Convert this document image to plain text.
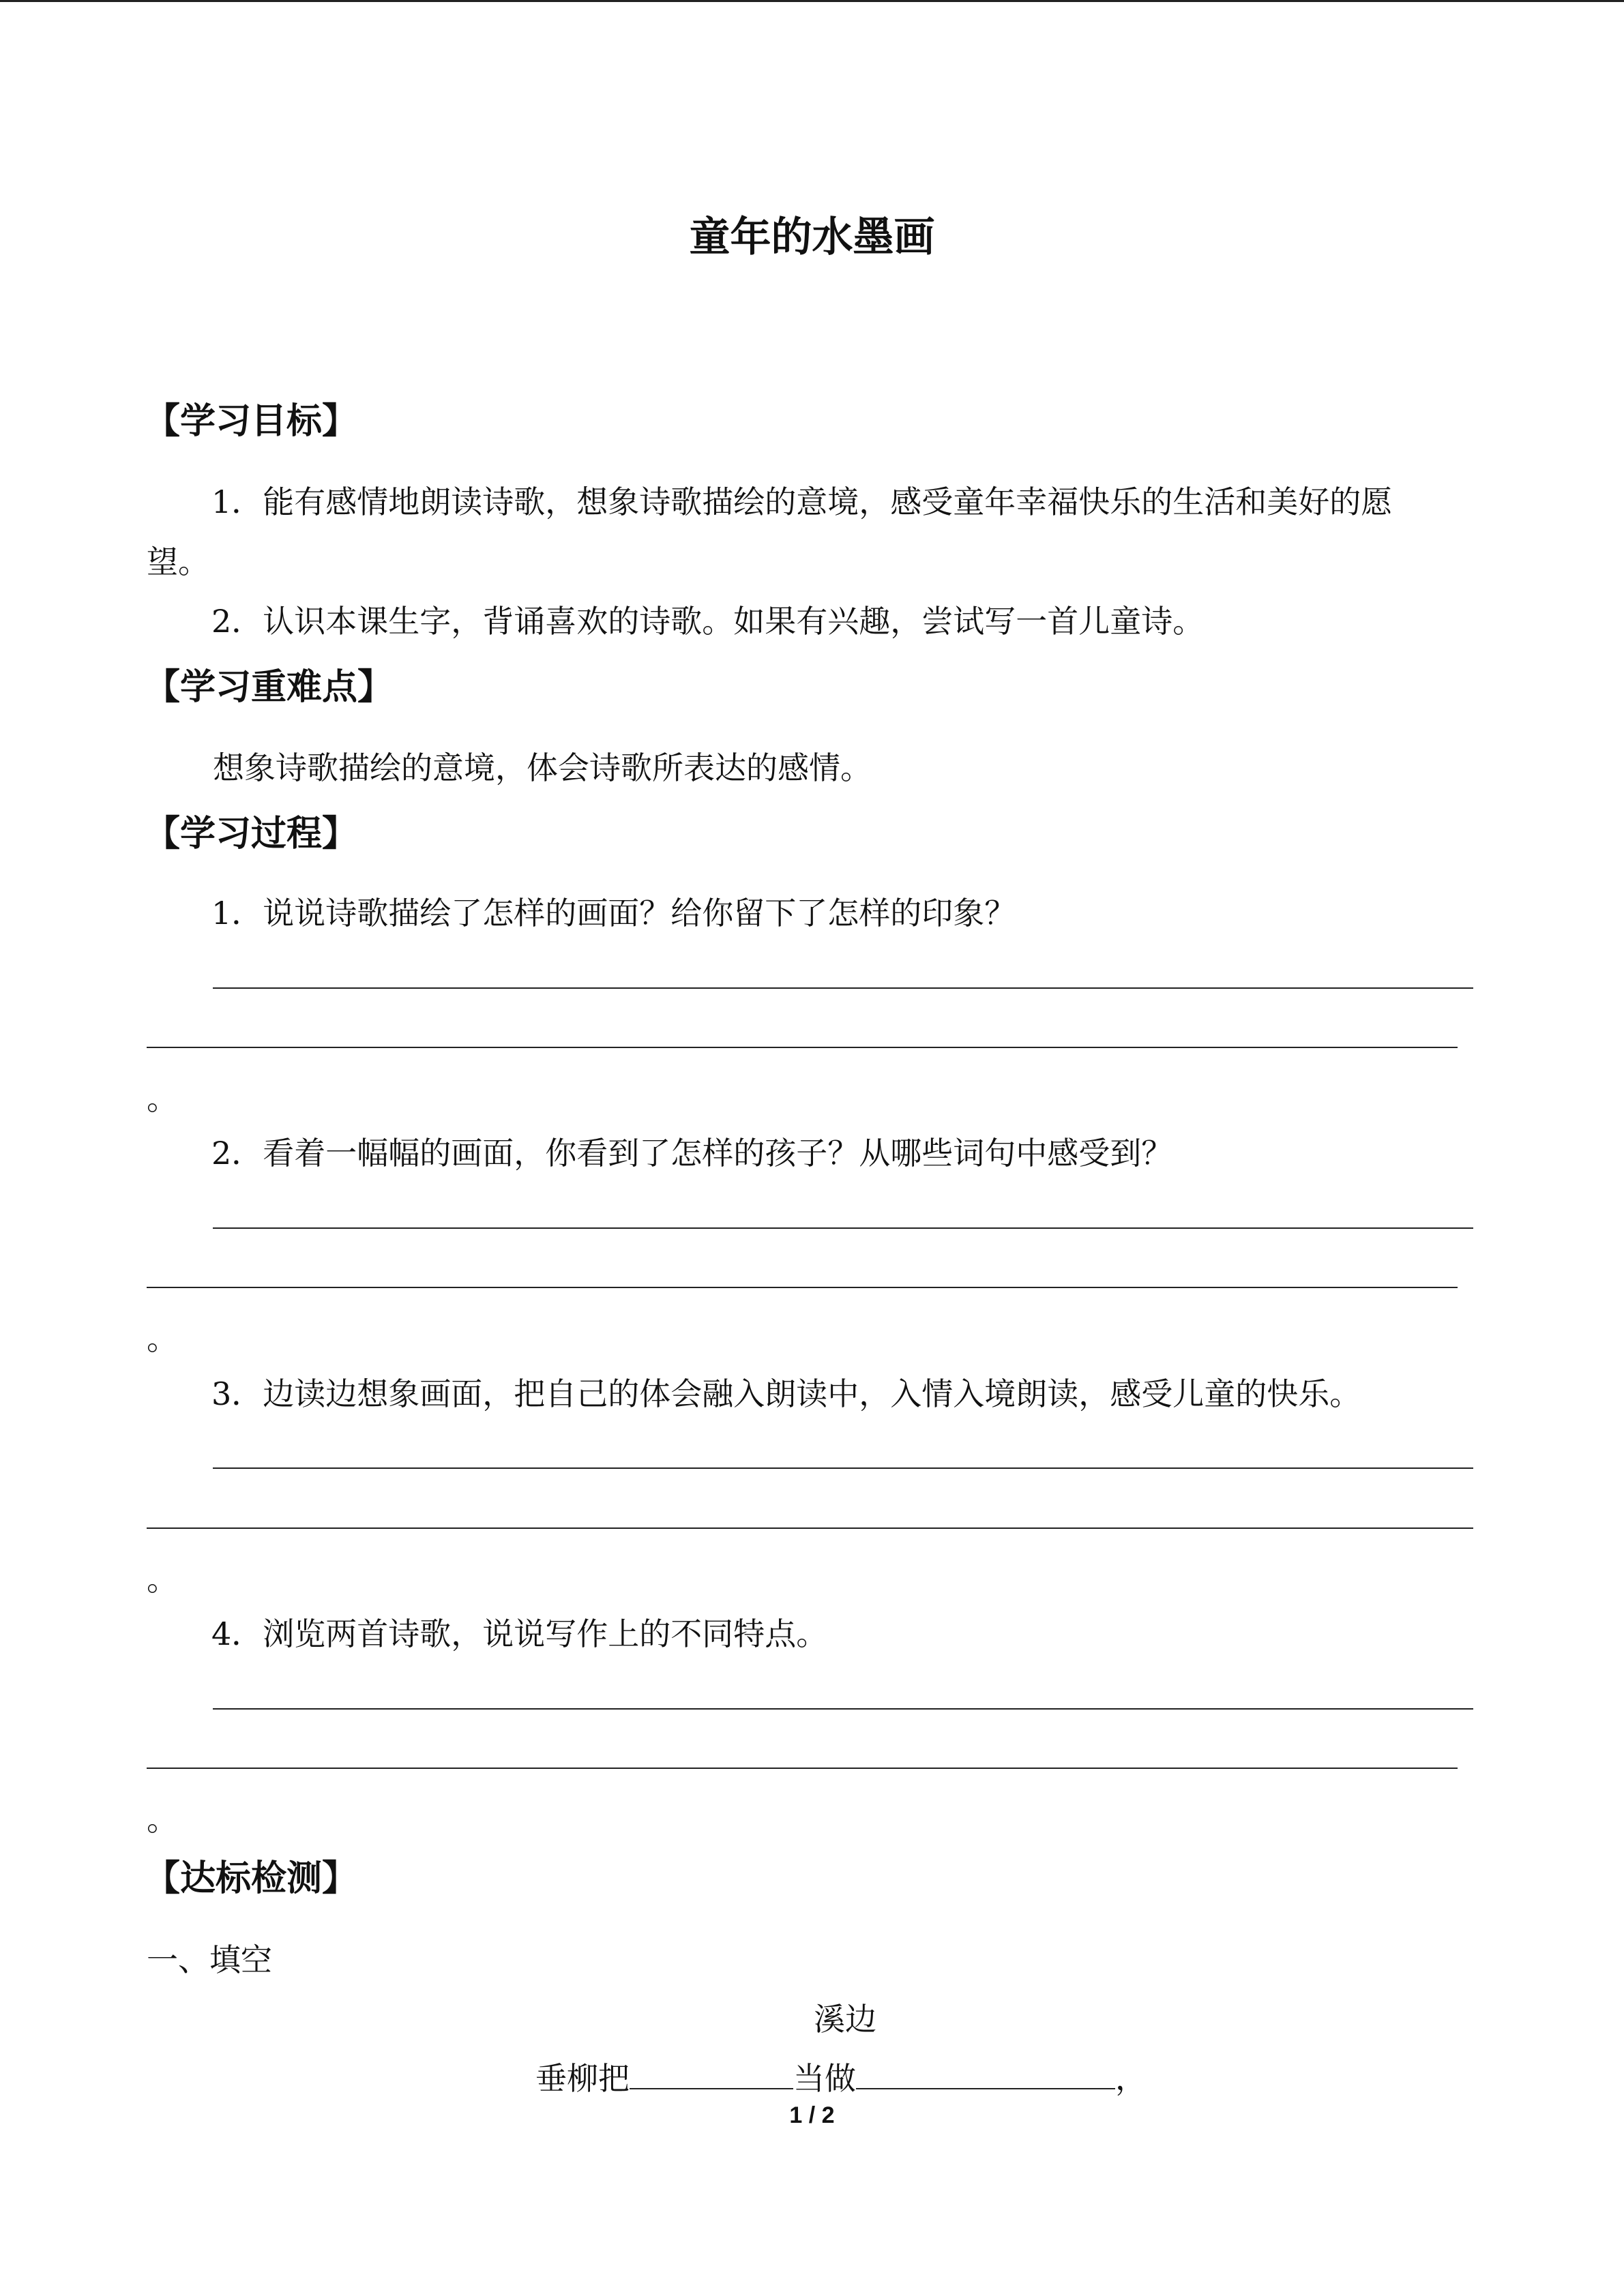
童年的水墨画
【学习目标】
1．能有感情地朗读诗歌，想象诗歌描绘的意境，感受童年幸福快乐的生活和美好的愿
望。
2．认识本课生字，背诵喜欢的诗歌。如果有兴趣，尝试写一首儿童诗。
【学习重难点】
想象诗歌描绘的意境，体会诗歌所表达的感情。
【学习过程】
1．说说诗歌描绘了怎样的画面？给你留下了怎样的印象？
。
2．看着一幅幅的画面，你看到了怎样的孩子？从哪些词句中感受到？
。
3．边读边想象画面，把自己的体会融入朗读中，入情入境朗读，感受儿童的快乐。
。
4．浏览两首诗歌，说说写作上的不同特点。
。
【达标检测】
一、填空
溪边
垂柳把	当做	，
1 / 2
